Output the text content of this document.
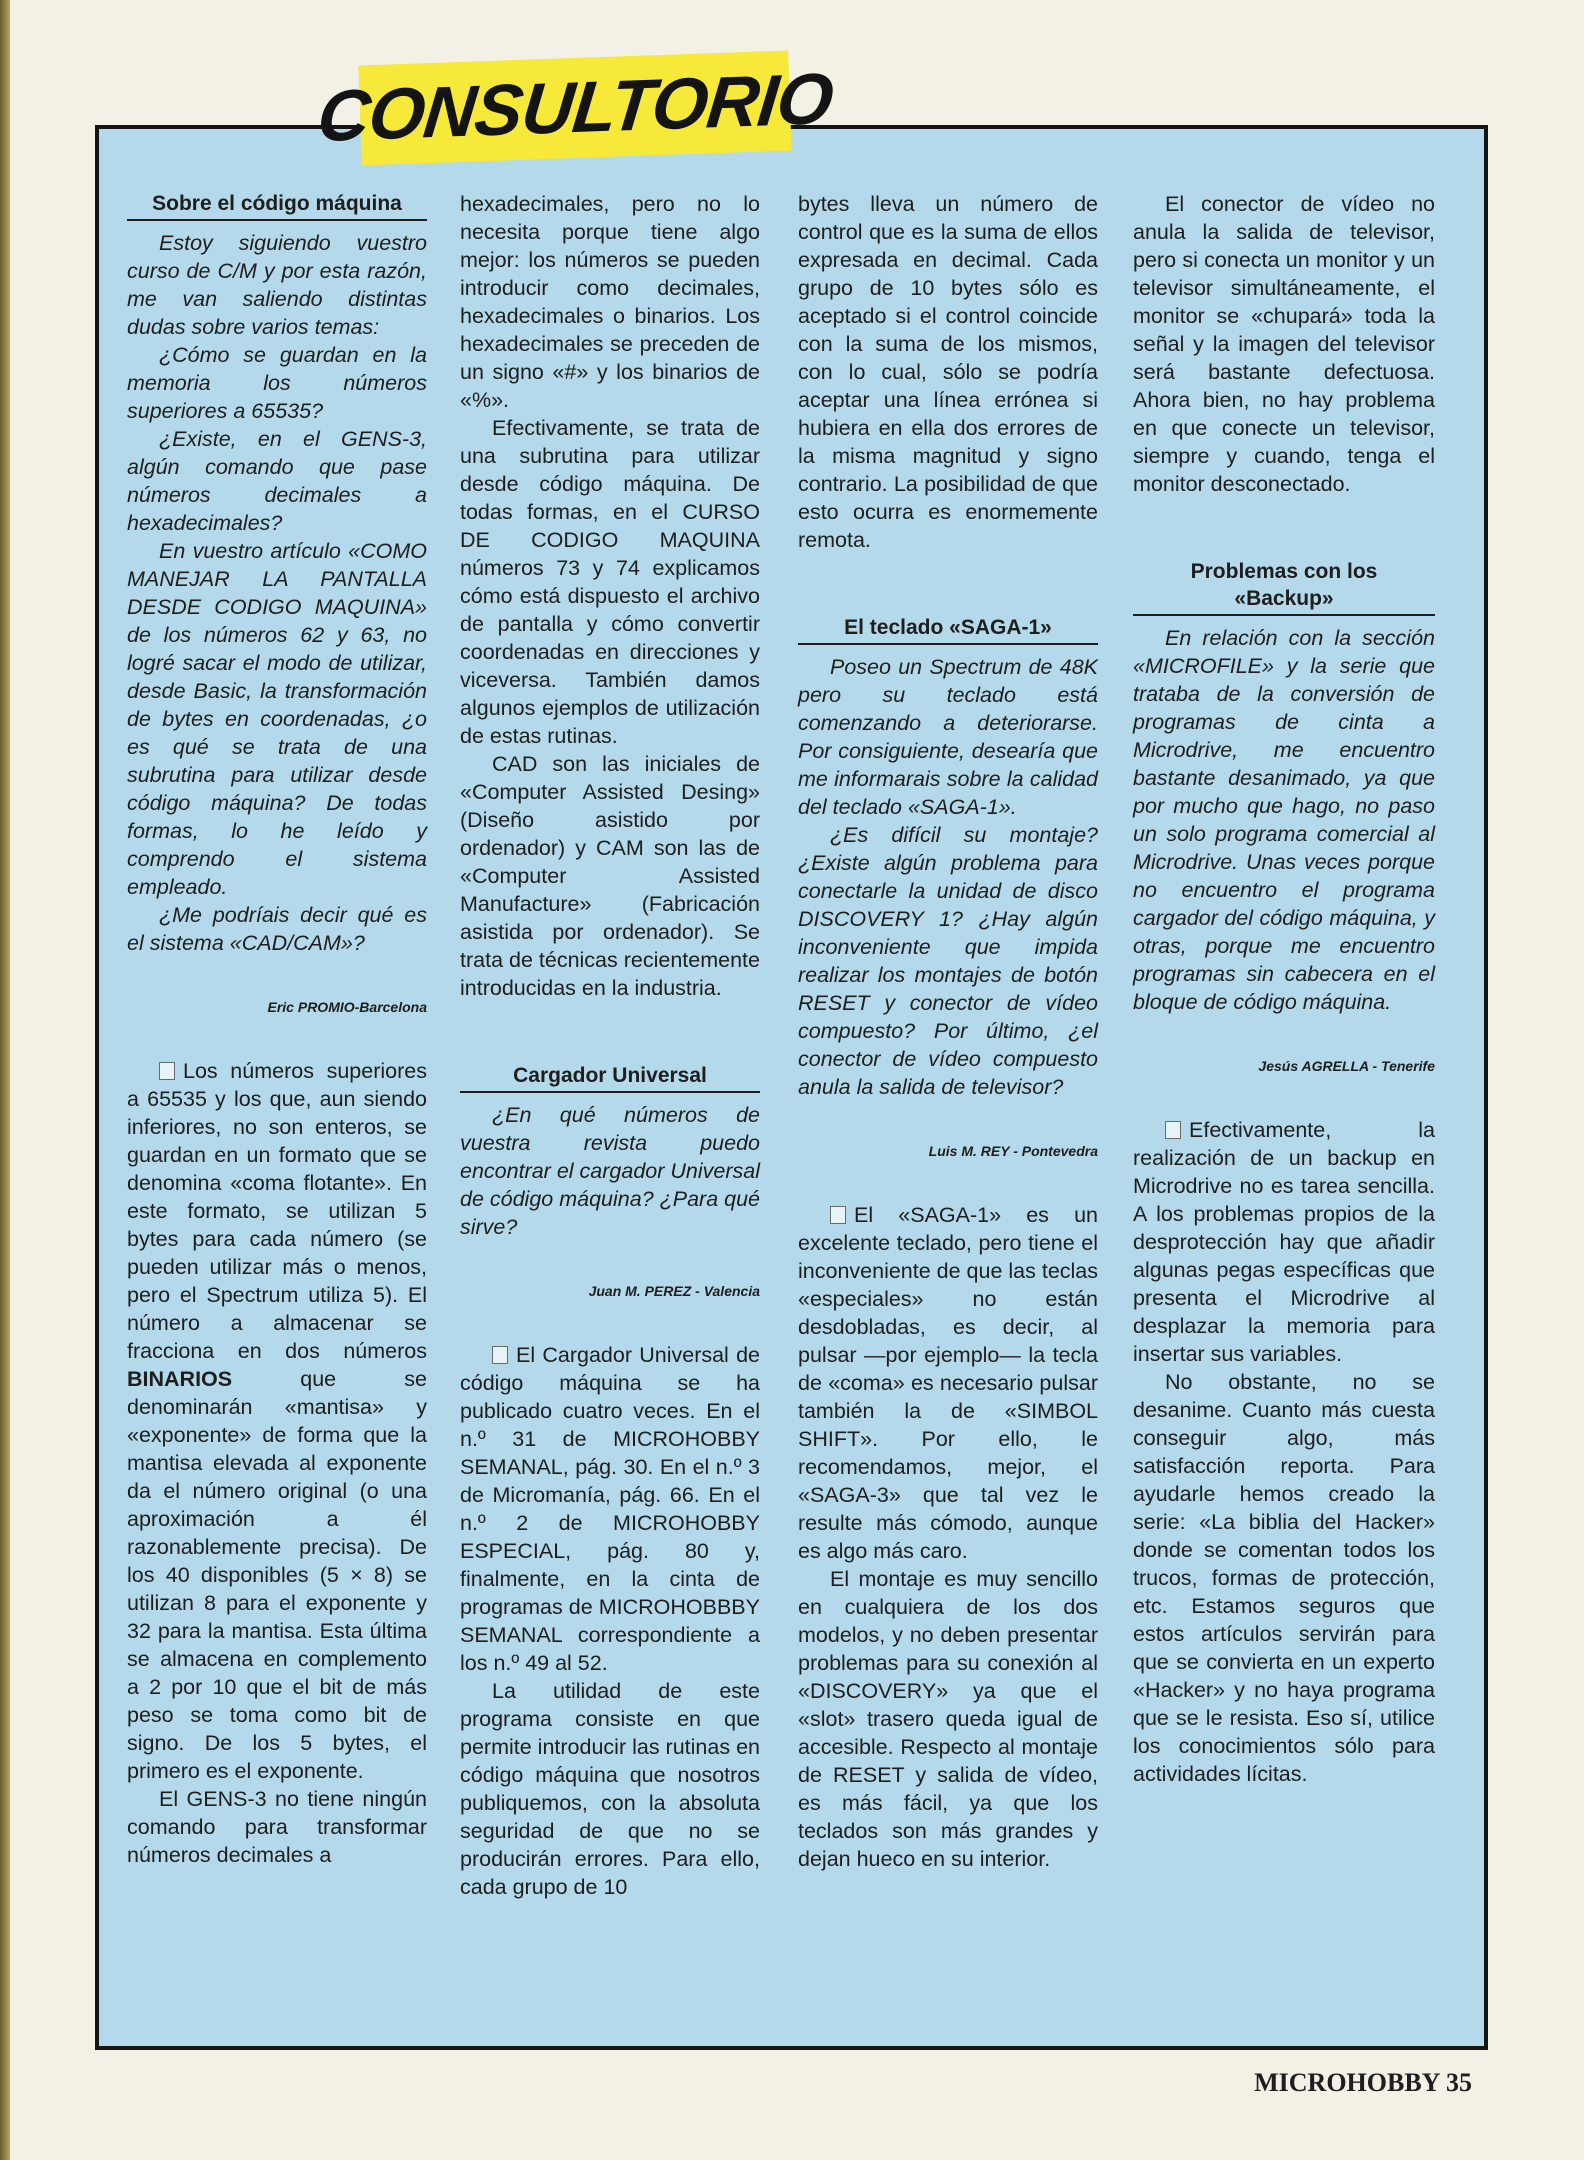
CONSULTORIO
Sobre el código máquina

Estoy siguiendo vuestro curso de C/M y por esta razón, me van saliendo distintas dudas sobre varios temas:

¿Cómo se guardan en la memoria los números superiores a 65535?

¿Existe, en el GENS-3, algún comando que pase números decimales a hexadecimales?

En vuestro artículo «COMO MANEJAR LA PANTALLA DESDE CODIGO MAQUINA» de los números 62 y 63, no logré sacar el modo de utilizar, desde Basic, la transformación de bytes en coordenadas, ¿o es qué se trata de una subrutina para utilizar desde código máquina? De todas formas, lo he leído y comprendo el sistema empleado.

¿Me podríais decir qué es el sistema «CAD/CAM»?

Eric PROMIO-Barcelona

Los números superiores a 65535 y los que, aun siendo inferiores, no son enteros, se guardan en un formato que se denomina «coma flotante». En este formato, se utilizan 5 bytes para cada número (se pueden utilizar más o menos, pero el Spectrum utiliza 5). El número a almacenar se fracciona en dos números BINARIOS que se denominarán «mantisa» y «exponente» de forma que la mantisa elevada al exponente da el número original (o una aproximación a él razonablemente precisa). De los 40 disponibles (5 × 8) se utilizan 8 para el exponente y 32 para la mantisa. Esta última se almacena en complemento a 2 por 10 que el bit de más peso se toma como bit de signo. De los 5 bytes, el primero es el exponente.

El GENS-3 no tiene ningún comando para transformar números decimales a

hexadecimales, pero no lo necesita porque tiene algo mejor: los números se pueden introducir como decimales, hexadecimales o binarios. Los hexadecimales se preceden de un signo «#» y los binarios de «%».

Efectivamente, se trata de una subrutina para utilizar desde código máquina. De todas formas, en el CURSO DE CODIGO MAQUINA números 73 y 74 explicamos cómo está dispuesto el archivo de pantalla y cómo convertir coordenadas en direcciones y viceversa. También damos algunos ejemplos de utilización de estas rutinas.

CAD son las iniciales de «Computer Assisted Desing» (Diseño asistido por ordenador) y CAM son las de «Computer Assisted Manufacture» (Fabricación asistida por ordenador). Se trata de técnicas recientemente introducidas en la industria.

Cargador Universal

¿En qué números de vuestra revista puedo encontrar el cargador Universal de código máquina? ¿Para qué sirve?

Juan M. PEREZ - Valencia

El Cargador Universal de código máquina se ha publicado cuatro veces. En el n.º 31 de MICROHOBBY SEMANAL, pág. 30. En el n.º 3 de Micromanía, pág. 66. En el n.º 2 de MICROHOBBY ESPECIAL, pág. 80 y, finalmente, en la cinta de programas de MICROHOBBBY SEMANAL correspondiente a los n.º 49 al 52.

La utilidad de este programa consiste en que permite introducir las rutinas en código máquina que nosotros publiquemos, con la absoluta seguridad de que no se producirán errores. Para ello, cada grupo de 10

bytes lleva un número de control que es la suma de ellos expresada en decimal. Cada grupo de 10 bytes sólo es aceptado si el control coincide con la suma de los mismos, con lo cual, sólo se podría aceptar una línea errónea si hubiera en ella dos errores de la misma magnitud y signo contrario. La posibilidad de que esto ocurra es enormemente remota.

El teclado «SAGA-1»

Poseo un Spectrum de 48K pero su teclado está comenzando a deteriorarse. Por consiguiente, desearía que me informarais sobre la calidad del teclado «SAGA-1».

¿Es difícil su montaje? ¿Existe algún problema para conectarle la unidad de disco DISCOVERY 1? ¿Hay algún inconveniente que impida realizar los montajes de botón RESET y conector de vídeo compuesto? Por último, ¿el conector de vídeo compuesto anula la salida de televisor?

Luis M. REY - Pontevedra

El «SAGA-1» es un excelente teclado, pero tiene el inconveniente de que las teclas «especiales» no están desdobladas, es decir, al pulsar —por ejemplo— la tecla de «coma» es necesario pulsar también la de «SIMBOL SHIFT». Por ello, le recomendamos, mejor, el «SAGA-3» que tal vez le resulte más cómodo, aunque es algo más caro.

El montaje es muy sencillo en cualquiera de los dos modelos, y no deben presentar problemas para su conexión al «DISCOVERY» ya que el «slot» trasero queda igual de accesible. Respecto al montaje de RESET y salida de vídeo, es más fácil, ya que los teclados son más grandes y dejan hueco en su interior.

El conector de vídeo no anula la salida de televisor, pero si conecta un monitor y un televisor simultáneamente, el monitor se «chupará» toda la señal y la imagen del televisor será bastante defectuosa. Ahora bien, no hay problema en que conecte un televisor, siempre y cuando, tenga el monitor desconectado.

Problemas con los
«Backup»

En relación con la sección «MICROFILE» y la serie que trataba de la conversión de programas de cinta a Microdrive, me encuentro bastante desanimado, ya que por mucho que hago, no paso un solo programa comercial al Microdrive. Unas veces porque no encuentro el programa cargador del código máquina, y otras, porque me encuentro programas sin cabecera en el bloque de código máquina.

Jesús AGRELLA - Tenerife

Efectivamente, la realización de un backup en Microdrive no es tarea sencilla. A los problemas propios de la desprotección hay que añadir algunas pegas específicas que presenta el Microdrive al desplazar la memoria para insertar sus variables.

No obstante, no se desanime. Cuanto más cuesta conseguir algo, más satisfacción reporta. Para ayudarle hemos creado la serie: «La biblia del Hacker» donde se comentan todos los trucos, formas de protección, etc. Estamos seguros que estos artículos servirán para que se convierta en un experto «Hacker» y no haya programa que se le resista. Eso sí, utilice los conocimientos sólo para actividades lícitas.

MICROHOBBY 35
